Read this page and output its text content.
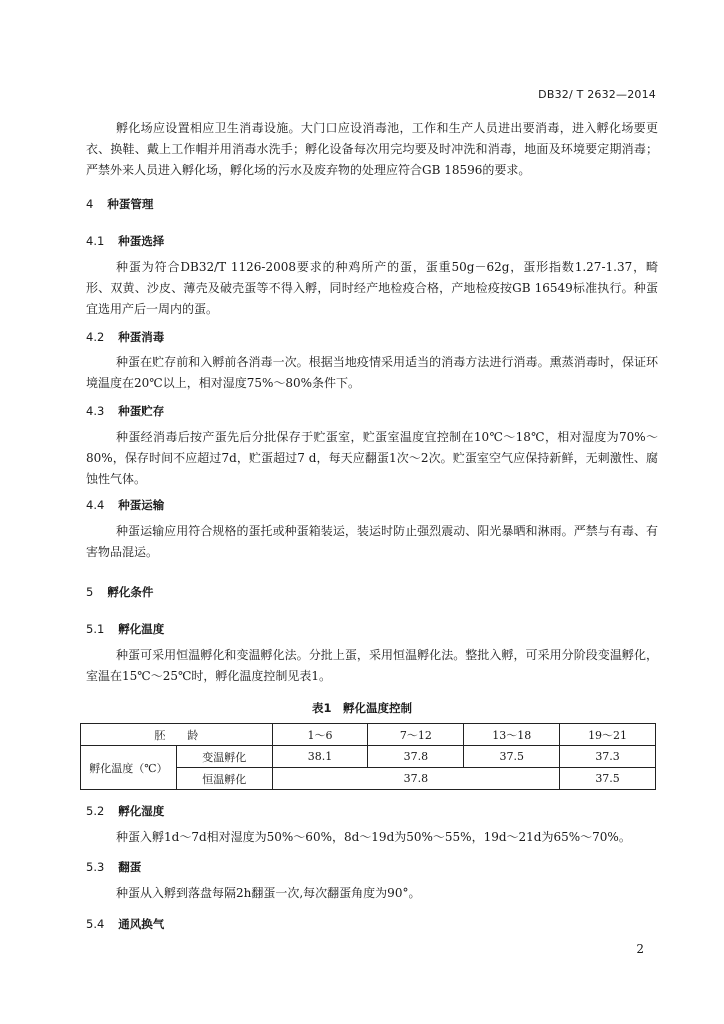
DB32/ T 2632—2014
孵化场应设置相应卫生消毒设施。大门口应设消毒池，工作和生产人员进出要消毒，进入孵化场要更衣、换鞋、戴上工作帽并用消毒水洗手；孵化设备每次用完均要及时冲洗和消毒，地面及环境要定期消毒；严禁外来人员进入孵化场，孵化场的污水及废弃物的处理应符合GB 18596的要求。
4 种蛋管理
4.1 种蛋选择
种蛋为符合DB32/T 1126-2008要求的种鸡所产的蛋，蛋重50g－62g，蛋形指数1.27-1.37，畸形、双黄、沙皮、薄壳及破壳蛋等不得入孵，同时经产地检疫合格，产地检疫按GB 16549标准执行。种蛋宜选用产后一周内的蛋。
4.2 种蛋消毒
种蛋在贮存前和入孵前各消毒一次。根据当地疫情采用适当的消毒方法进行消毒。熏蒸消毒时，保证环境温度在20℃以上，相对湿度75%～80%条件下。
4.3 种蛋贮存
种蛋经消毒后按产蛋先后分批保存于贮蛋室，贮蛋室温度宜控制在10℃～18℃，相对湿度为70%～80%，保存时间不应超过7d，贮蛋超过7 d，每天应翻蛋1次～2次。贮蛋室空气应保持新鲜，无刺激性、腐蚀性气体。
4.4 种蛋运输
种蛋运输应用符合规格的蛋托或种蛋箱装运，装运时防止强烈震动、阳光暴晒和淋雨。严禁与有毒、有害物品混运。
5 孵化条件
5.1 孵化温度
种蛋可采用恒温孵化和变温孵化法。分批上蛋，采用恒温孵化法。整批入孵，可采用分阶段变温孵化，室温在15℃～25℃时，孵化温度控制见表1。
表1　孵化温度控制
胚　　龄		1～6	7～12	13～18	19～21
孵化温度（℃）	变温孵化	38.1	37.8	37.5	37.3
	恒温孵化	37.8			37.5
5.2 孵化湿度
种蛋入孵1d～7d相对湿度为50%～60%，8d～19d为50%～55%，19d～21d为65%～70%。
5.3 翻蛋
种蛋从入孵到落盘每隔2h翻蛋一次,每次翻蛋角度为90°。
5.4 通风换气
2
